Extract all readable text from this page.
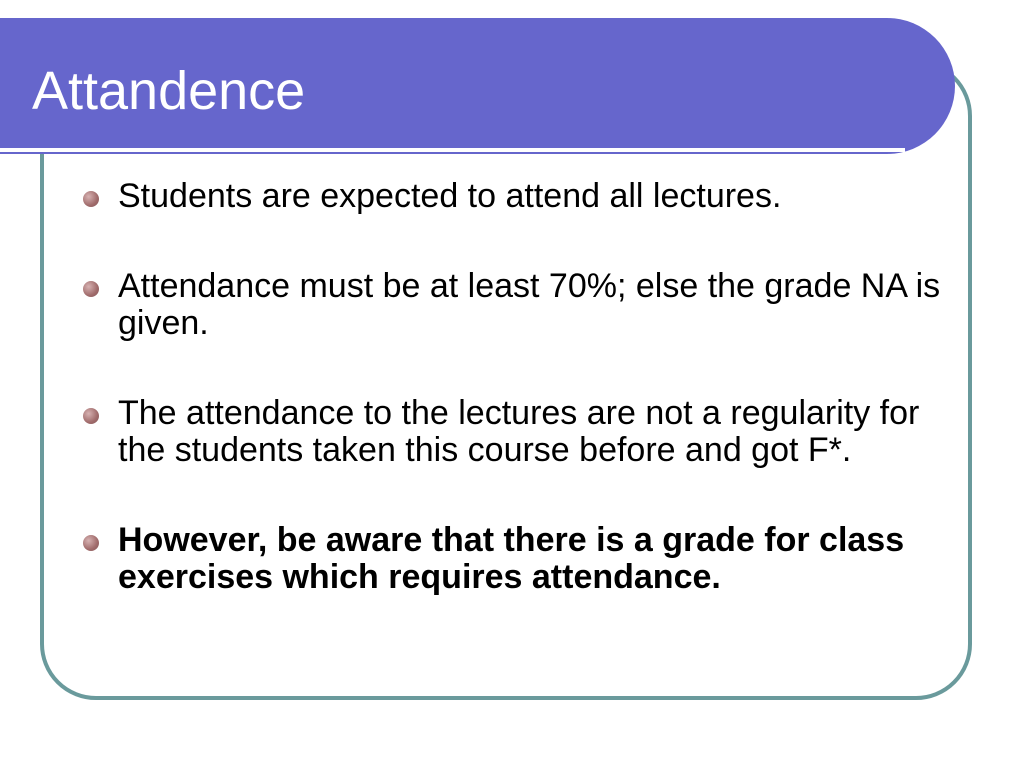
Attandence
Students are expected to attend all lectures.
Attendance must be at least 70%; else the grade NA is given.
The attendance to the lectures are not a regularity for the students taken this course before and got F*.
However, be aware that there is a grade for class exercises which requires attendance.
